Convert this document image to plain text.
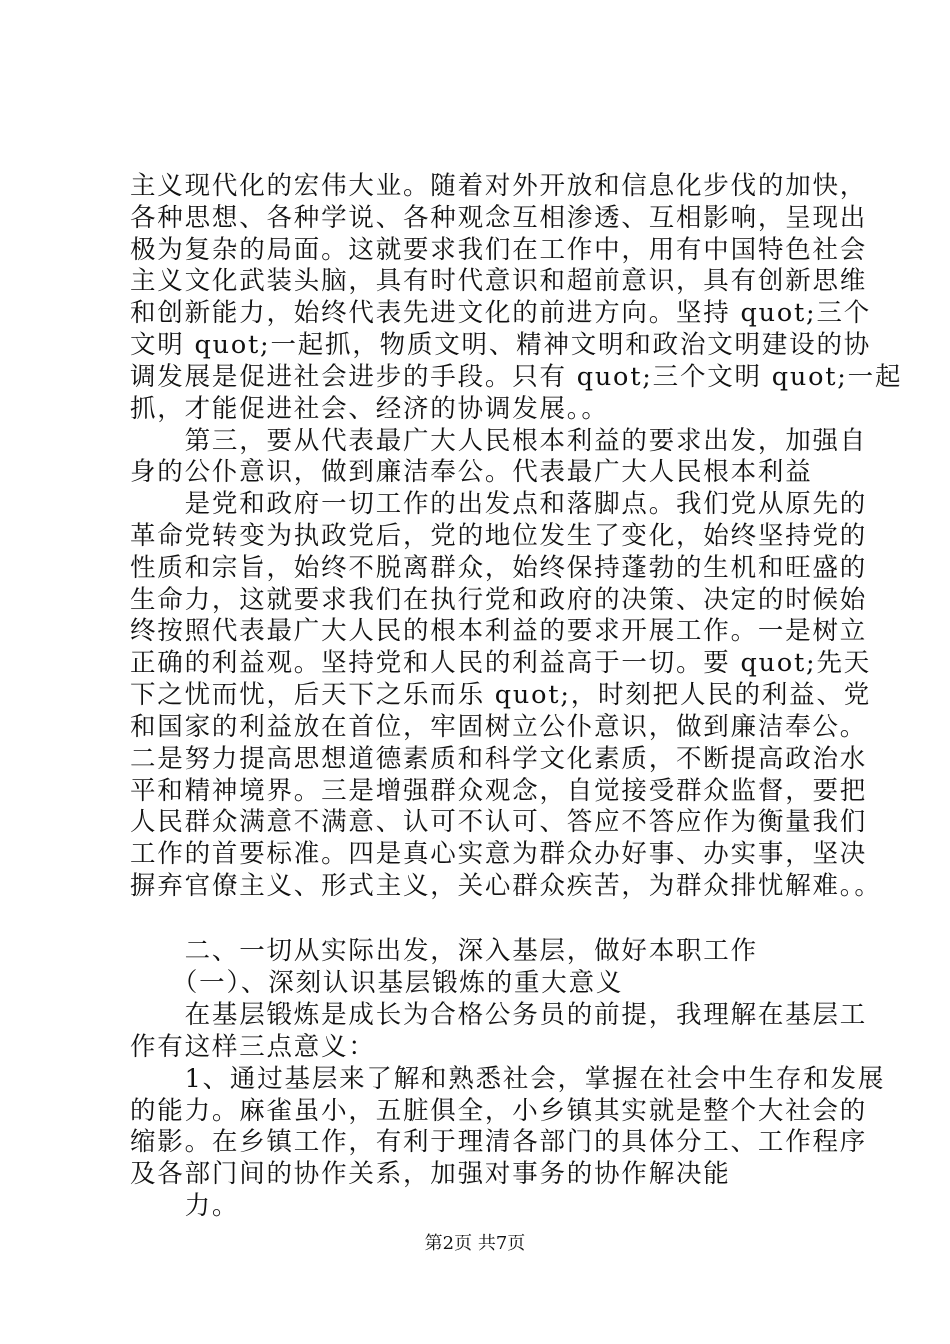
主义现代化的宏伟大业。随着对外开放和信息化步伐的加快，
各种思想、各种学说、各种观念互相渗透、互相影响，呈现出
极为复杂的局面。这就要求我们在工作中，用有中国特色社会
主义文化武装头脑，具有时代意识和超前意识，具有创新思维
和创新能力，始终代表先进文化的前进方向。坚持 quot;三个
文明 quot;一起抓，物质文明、精神文明和政治文明建设的协
调发展是促进社会进步的手段。只有 quot;三个文明 quot;一起
抓，才能促进社会、经济的协调发展。。
　　第三，要从代表最广大人民根本利益的要求出发，加强自
身的公仆意识，做到廉洁奉公。代表最广大人民根本利益
　　是党和政府一切工作的出发点和落脚点。我们党从原先的
革命党转变为执政党后，党的地位发生了变化，始终坚持党的
性质和宗旨，始终不脱离群众，始终保持蓬勃的生机和旺盛的
生命力，这就要求我们在执行党和政府的决策、决定的时候始
终按照代表最广大人民的根本利益的要求开展工作。一是树立
正确的利益观。坚持党和人民的利益高于一切。要 quot;先天
下之忧而忧，后天下之乐而乐 quot;，时刻把人民的利益、党
和国家的利益放在首位，牢固树立公仆意识，做到廉洁奉公。
二是努力提高思想道德素质和科学文化素质，不断提高政治水
平和精神境界。三是增强群众观念，自觉接受群众监督，要把
人民群众满意不满意、认可不认可、答应不答应作为衡量我们
工作的首要标准。四是真心实意为群众办好事、办实事，坚决
摒弃官僚主义、形式主义，关心群众疾苦，为群众排忧解难。。
　　二、一切从实际出发，深入基层，做好本职工作
　　（一）、深刻认识基层锻炼的重大意义
　　在基层锻炼是成长为合格公务员的前提，我理解在基层工
作有这样三点意义：
　　1、通过基层来了解和熟悉社会，掌握在社会中生存和发展
的能力。麻雀虽小，五脏俱全，小乡镇其实就是整个大社会的
缩影。在乡镇工作，有利于理清各部门的具体分工、工作程序
及各部门间的协作关系，加强对事务的协作解决能
　　力。
第2页 共7页
